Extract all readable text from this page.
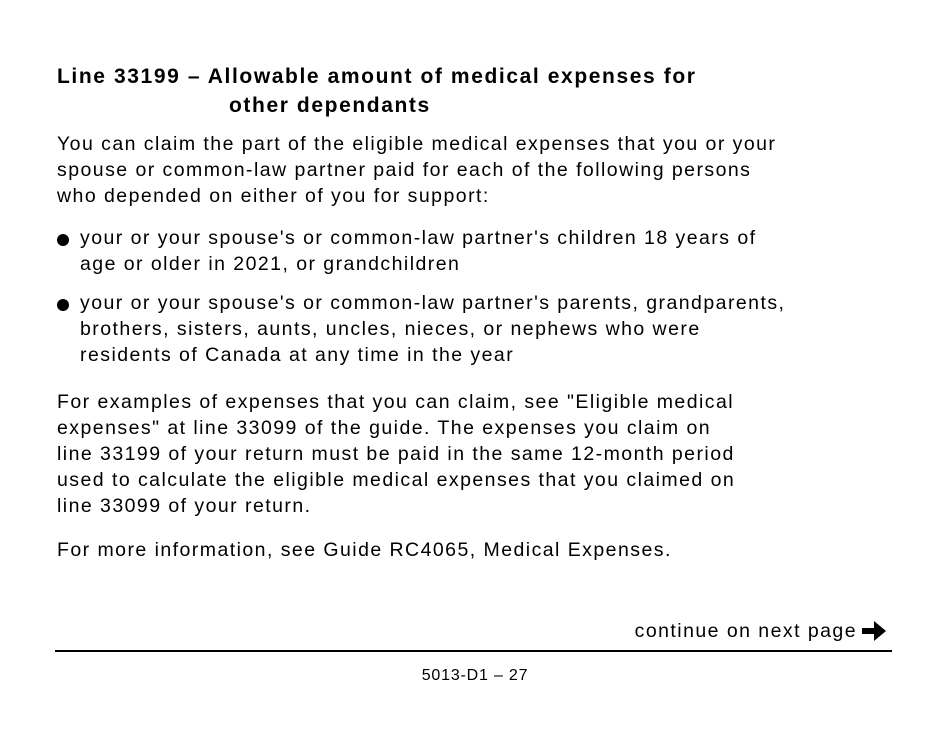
Line 33199 – Allowable amount of medical expenses for
other dependants

You can claim the part of the eligible medical expenses that you or your
spouse or common-law partner paid for each of the following persons
who depended on either of you for support:

your or your spouse's or common-law partner's children 18 years of
age or older in 2021, or grandchildren
your or your spouse's or common-law partner's parents, grandparents,
brothers, sisters, aunts, uncles, nieces, or nephews who were
residents of Canada at any time in the year

For examples of expenses that you can claim, see "Eligible medical
expenses" at line 33099 of the guide. The expenses you claim on
line 33199 of your return must be paid in the same 12-month period
used to calculate the eligible medical expenses that you claimed on
line 33099 of your return.

For more information, see Guide RC4065, Medical Expenses.

continue on next page
5013-D1 – 27
